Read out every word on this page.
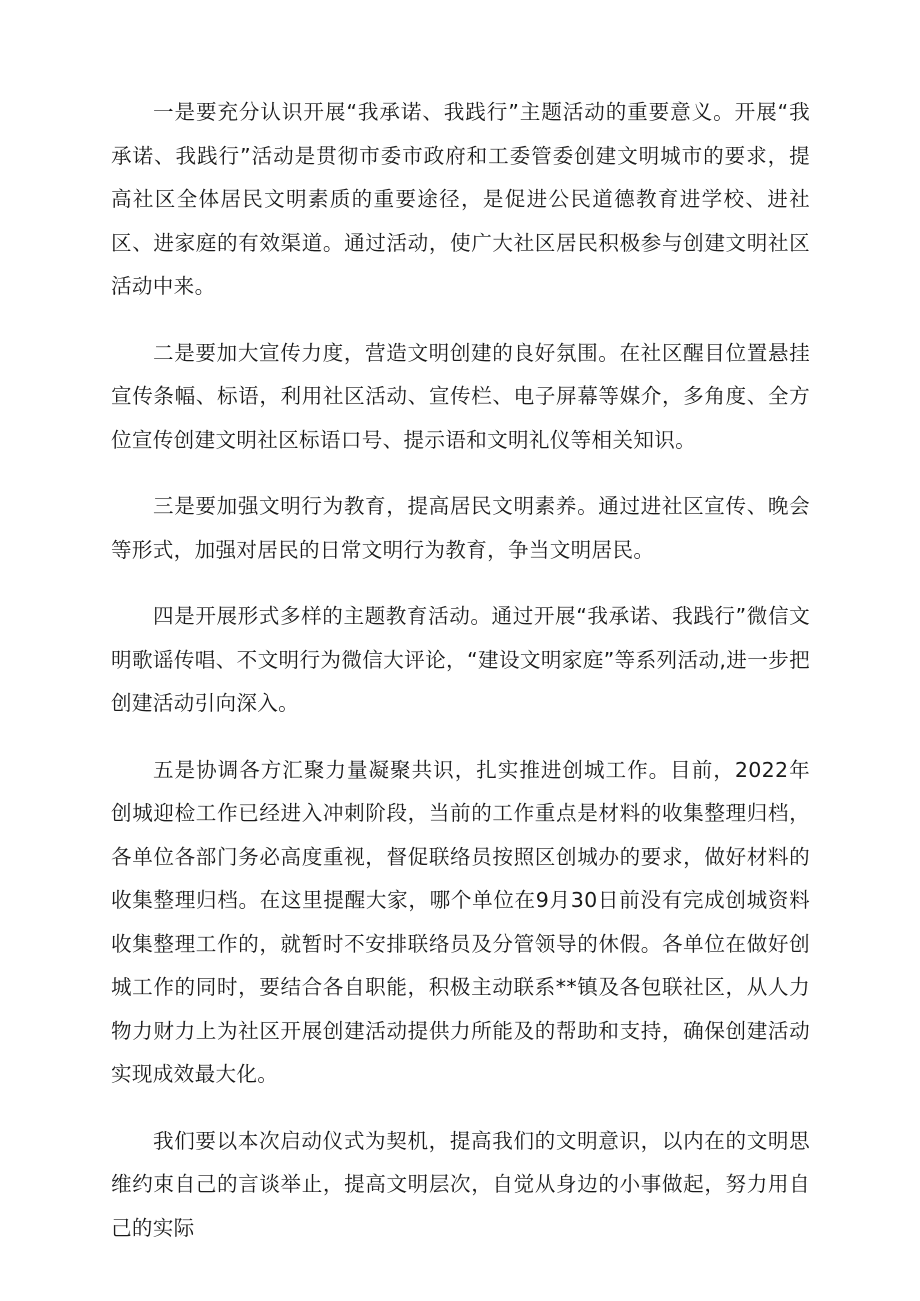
一是要充分认识开展“我承诺、我践行”主题活动的重要意义。开展“我承诺、我践行”活动是贯彻市委市政府和工委管委创建文明城市的要求，提高社区全体居民文明素质的重要途径，是促进公民道德教育进学校、进社区、进家庭的有效渠道。通过活动，使广大社区居民积极参与创建文明社区活动中来。

二是要加大宣传力度，营造文明创建的良好氛围。在社区醒目位置悬挂宣传条幅、标语，利用社区活动、宣传栏、电子屏幕等媒介，多角度、全方位宣传创建文明社区标语口号、提示语和文明礼仪等相关知识。

三是要加强文明行为教育，提高居民文明素养。通过进社区宣传、晚会等形式，加强对居民的日常文明行为教育，争当文明居民。

四是开展形式多样的主题教育活动。通过开展“我承诺、我践行”微信文明歌谣传唱、不文明行为微信大评论，“建设文明家庭”等系列活动,进一步把创建活动引向深入。

五是协调各方汇聚力量凝聚共识，扎实推进创城工作。目前，2022年创城迎检工作已经进入冲刺阶段，当前的工作重点是材料的收集整理归档，各单位各部门务必高度重视，督促联络员按照区创城办的要求，做好材料的收集整理归档。在这里提醒大家，哪个单位在9月30日前没有完成创城资料收集整理工作的，就暂时不安排联络员及分管领导的休假。各单位在做好创城工作的同时，要结合各自职能，积极主动联系**镇及各包联社区，从人力物力财力上为社区开展创建活动提供力所能及的帮助和支持，确保创建活动实现成效最大化。

我们要以本次启动仪式为契机，提高我们的文明意识，以内在的文明思维约束自己的言谈举止，提高文明层次，自觉从身边的小事做起，努力用自己的实际
